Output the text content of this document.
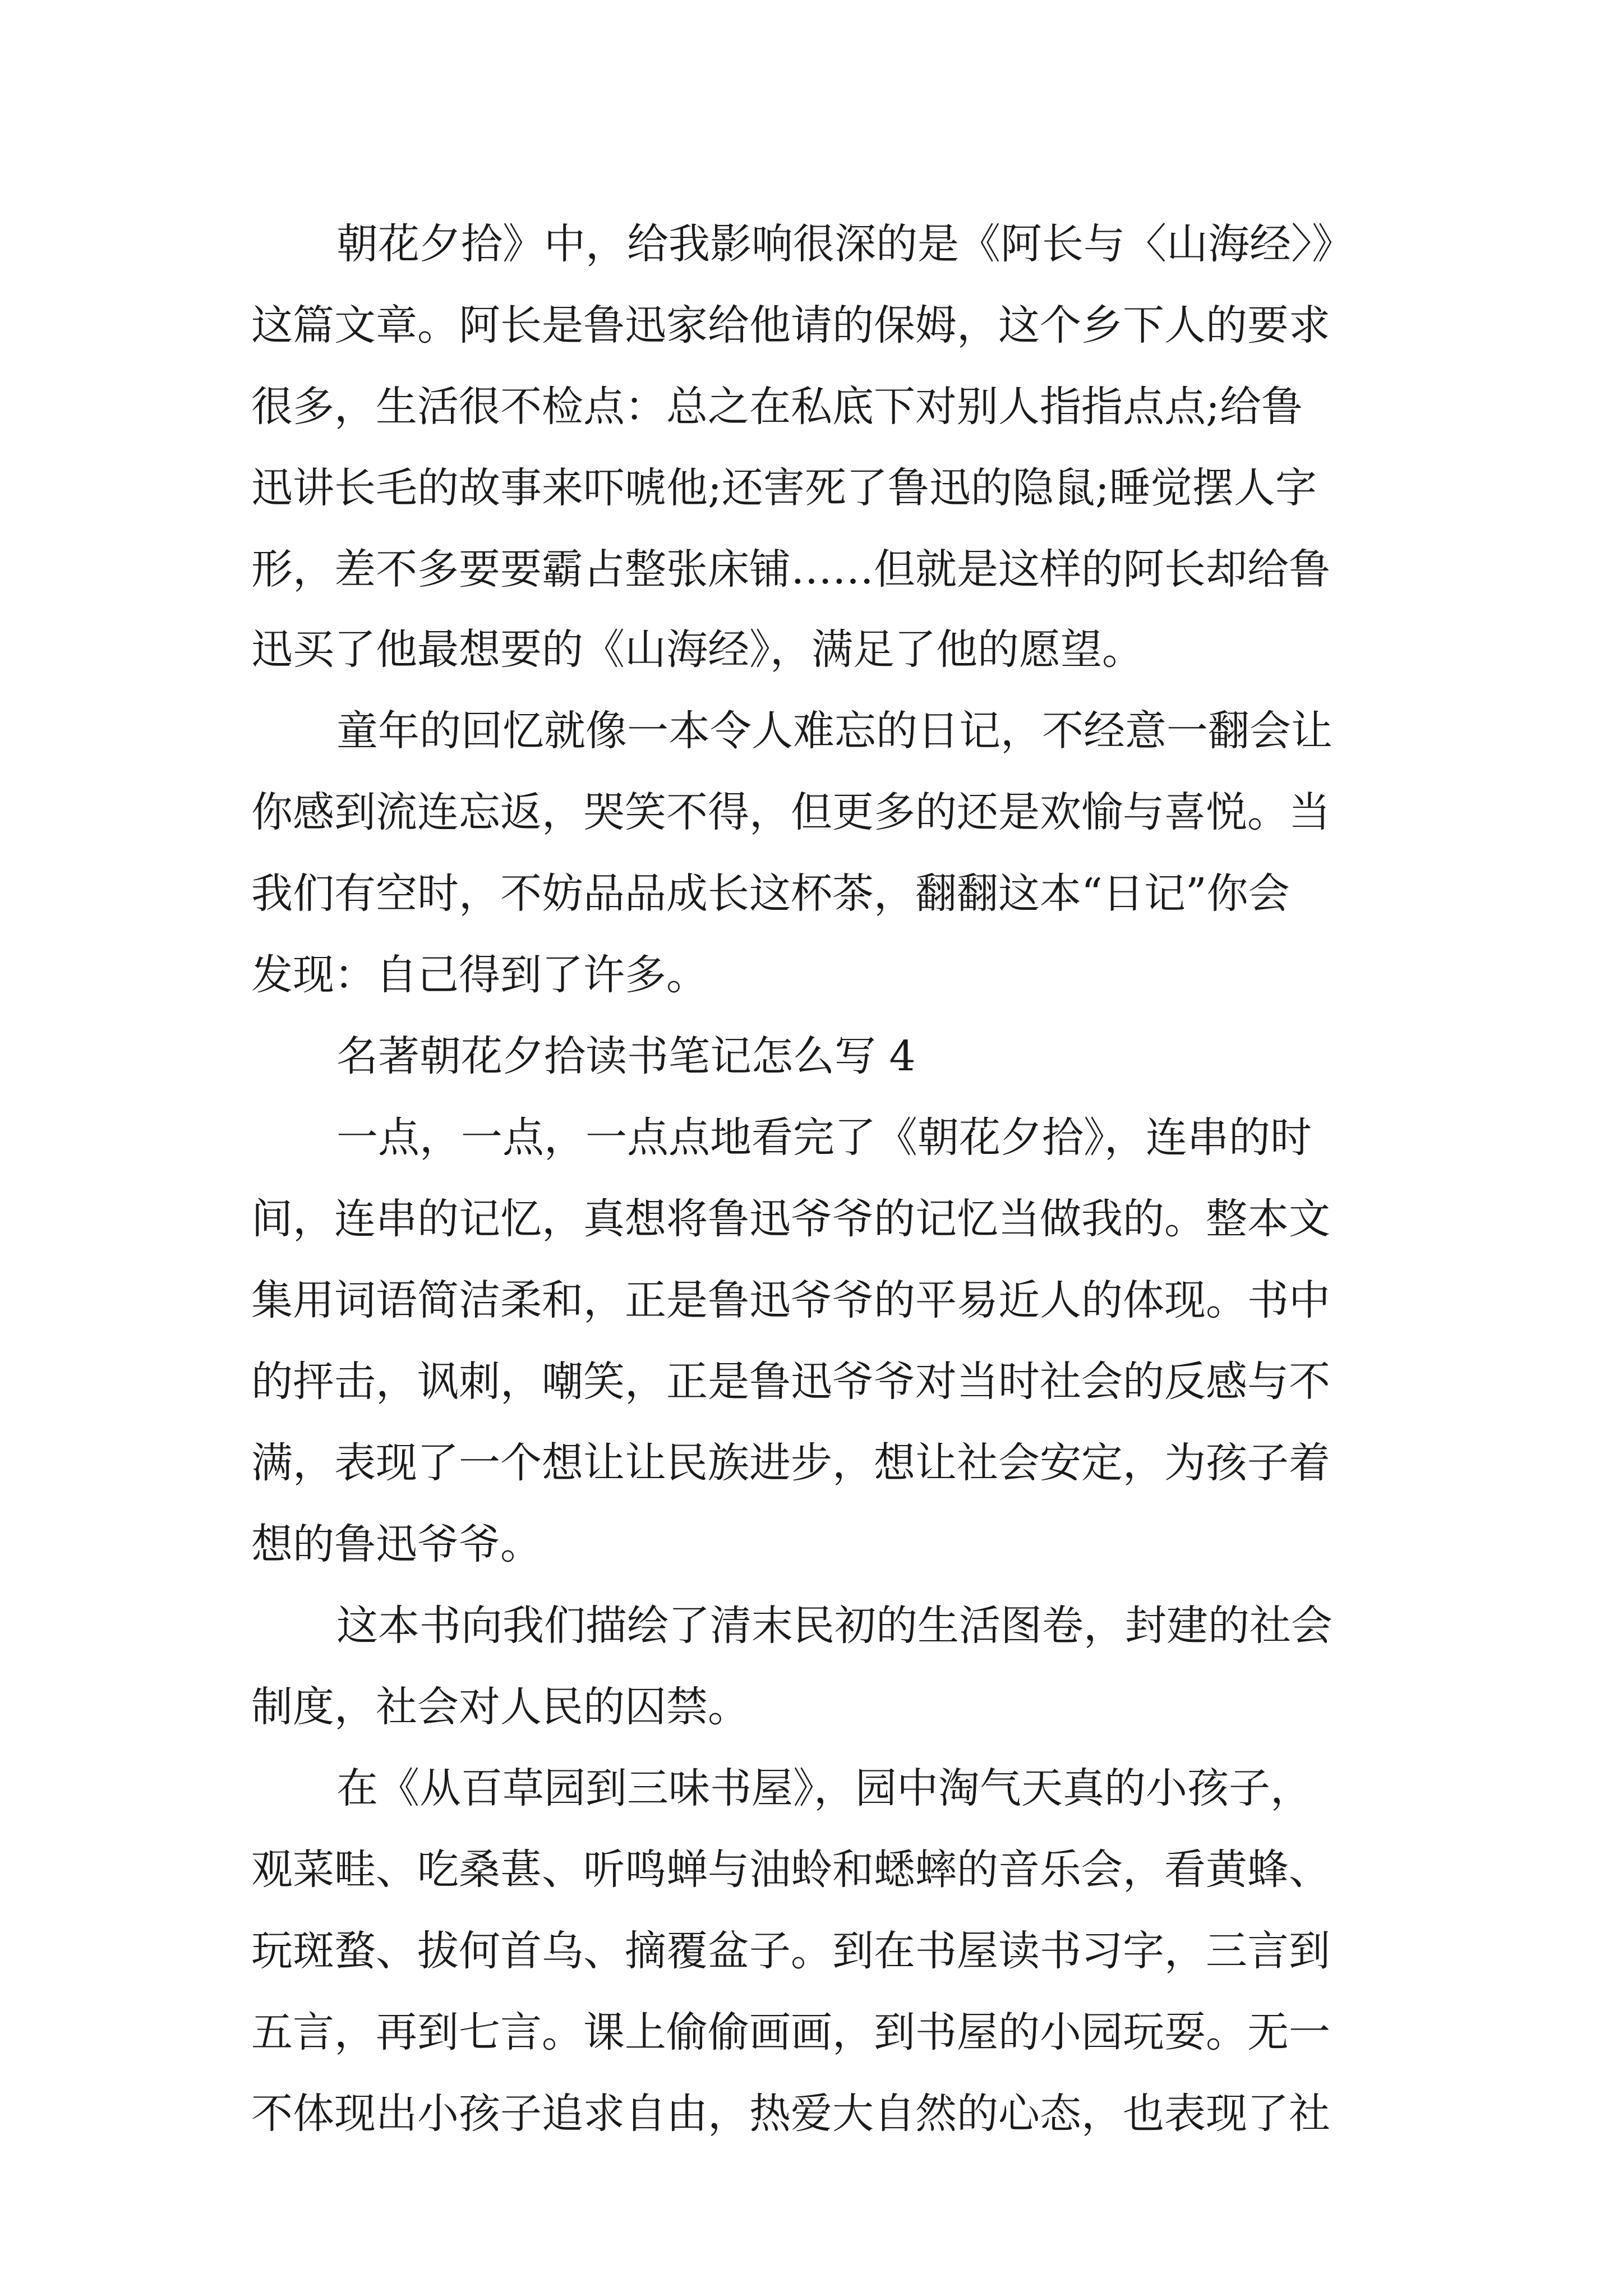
朝花夕拾》中，给我影响很深的是《阿长与〈山海经〉》
这篇文章。阿长是鲁迅家给他请的保姆，这个乡下人的要求
很多，生活很不检点：总之在私底下对别人指指点点;给鲁
迅讲长毛的故事来吓唬他;还害死了鲁迅的隐鼠;睡觉摆人字
形，差不多要要霸占整张床铺……但就是这样的阿长却给鲁
迅买了他最想要的《山海经》，满足了他的愿望。
童年的回忆就像一本令人难忘的日记，不经意一翻会让
你感到流连忘返，哭笑不得，但更多的还是欢愉与喜悦。当
我们有空时，不妨品品成长这杯茶，翻翻这本“日记”你会
发现：自己得到了许多。
名著朝花夕拾读书笔记怎么写 4
一点，一点，一点点地看完了《朝花夕拾》，连串的时
间，连串的记忆，真想将鲁迅爷爷的记忆当做我的。整本文
集用词语简洁柔和，正是鲁迅爷爷的平易近人的体现。书中
的抨击，讽刺，嘲笑，正是鲁迅爷爷对当时社会的反感与不
满，表现了一个想让让民族进步，想让社会安定，为孩子着
想的鲁迅爷爷。
这本书向我们描绘了清末民初的生活图卷，封建的社会
制度，社会对人民的囚禁。
在《从百草园到三味书屋》，园中淘气天真的小孩子，
观菜畦、吃桑葚、听鸣蝉与油蛉和蟋蟀的音乐会，看黄蜂、
玩斑蝥、拔何首乌、摘覆盆子。到在书屋读书习字，三言到
五言，再到七言。课上偷偷画画，到书屋的小园玩耍。无一
不体现出小孩子追求自由，热爱大自然的心态，也表现了社
